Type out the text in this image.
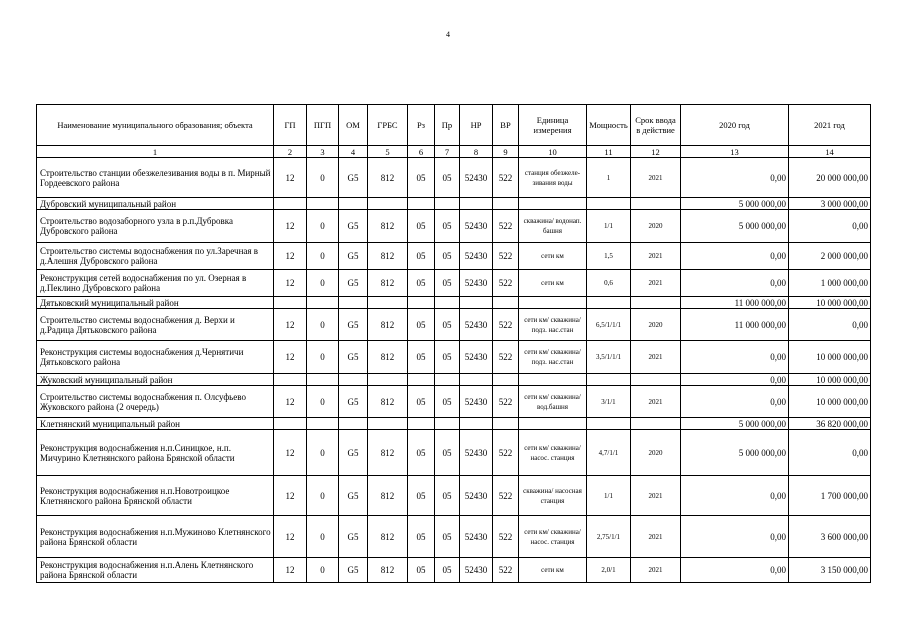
4
Наименование муниципального образования; объекта	ГП	ПГП	ОМ	ГРБС	Рз	Пр	НР	ВР	Единица измерения	Мощность	Срок ввода в действие	2020 год	2021 год
1	2	3	4	5	6	7	8	9	10	11	12	13	14
Строительство станции обезжелезивания воды в п. Мирный Гордеевского района	12	0	G5	812	05	05	52430	522	станция обезжеле-зивания воды	1	2021	0,00	20 000 000,00
Дубровский муниципальный район												5 000 000,00	3 000 000,00
Строительство водозаборного узла в р.п.Дубровка Дубровского района	12	0	G5	812	05	05	52430	522	скважина/ водонап. башня	1/1	2020	5 000 000,00	0,00
Строительство системы водоснабжения по ул.Заречная в д.Алешня Дубровского района	12	0	G5	812	05	05	52430	522	сети км	1,5	2021	0,00	2 000 000,00
Реконструкция сетей водоснабжения по ул. Озерная в д.Пеклино Дубровского района	12	0	G5	812	05	05	52430	522	сети км	0,6	2021	0,00	1 000 000,00
Дятьковский муниципальный район												11 000 000,00	10 000 000,00
Строительство системы водоснабжения д. Верхи и д.Радица Дятьковского района	12	0	G5	812	05	05	52430	522	сети км/ скважина/ подз. нас.стан	6,5/1/1/1	2020	11 000 000,00	0,00
Реконструкция системы водоснабжения д.Чернятичи Дятьковского района	12	0	G5	812	05	05	52430	522	сети км/ скважина/ подз. нас.стан	3,5/1/1/1	2021	0,00	10 000 000,00
Жуковский муниципальный район												0,00	10 000 000,00
Строительство системы водоснабжения п. Олсуфьево Жуковского района (2 очередь)	12	0	G5	812	05	05	52430	522	сети км/ скважина/ вод.башня	3/1/1	2021	0,00	10 000 000,00
Клетнянский муниципальный район												5 000 000,00	36 820 000,00
Реконструкция водоснабжения н.п.Синицкое, н.п. Мичурино Клетнянского района Брянской области	12	0	G5	812	05	05	52430	522	сети км/ скважина/ насос. станция	4,7/1/1	2020	5 000 000,00	0,00
Реконструкция водоснабжения н.п.Новотроицкое Клетнянского района Брянской области	12	0	G5	812	05	05	52430	522	скважина/ насосная станция	1/1	2021	0,00	1 700 000,00
Реконструкция водоснабжения н.п.Мужиново Клетнянского района Брянской области	12	0	G5	812	05	05	52430	522	сети км/ скважина/ насос. станция	2,75/1/1	2021	0,00	3 600 000,00
Реконструкция водоснабжения н.п.Алень Клетнянского района Брянской области	12	0	G5	812	05	05	52430	522	сети км	2,0/1	2021	0,00	3 150 000,00
